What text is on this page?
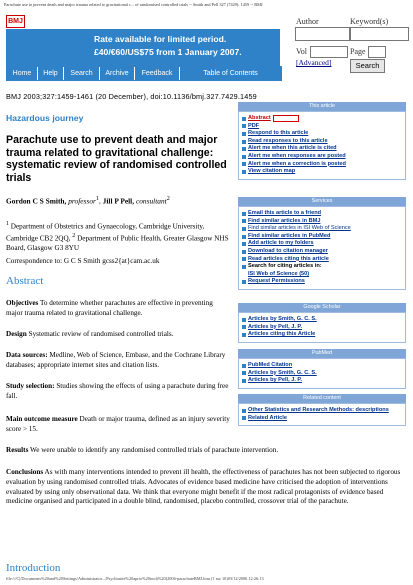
Parachute use to prevent death and major trauma related to gravitational c... of randomised controlled trials -- Smith and Pell 327 (7429): 1459 -- BMJ
BMJ
Rate available for limited period.
£40/€60/US$75 from 1 January 2007.
Home	Help	Search	Archive	Feedback	Table of Contents
Author	Keyword(s)
Vol	Page
[Advanced]	Search
BMJ 2003;327:1459-1461 (20 December), doi:10.1136/bmj.327.7429.1459
Hazardous journey
Parachute use to prevent death and major trauma related to gravitational challenge: systematic review of randomised controlled trials
Gordon C S Smith, professor$^1$, Jill P Pell, consultant$^2$
$^1$ Department of Obstetrics and Gynaecology, Cambridge University, Cambridge CB2 2QQ, $^2$ Department of Public Health, Greater Glasgow NHS Board, Glasgow G3 8YU
Correspondence to: G C S Smith gcss2{at}cam.ac.uk
Abstract
Objectives To determine whether parachutes are effective in preventing major trauma related to gravitational challenge.
Design Systematic review of randomised controlled trials.
Data sources: Medline, Web of Science, Embase, and the Cochrane Library databases; appropriate internet sites and citation lists.
Study selection: Studies showing the effects of using a parachute during free fall.
Main outcome measure Death or major trauma, defined as an injury severity score > 15.
Results We were unable to identify any randomised controlled trials of parachute intervention.
Conclusions As with many interventions intended to prevent ill health, the effectiveness of parachutes has not been subjected to rigorous evaluation by using randomised controlled trials. Advocates of evidence based medicine have criticised the adoption of interventions evaluated by using only observational data. We think that everyone might benefit if the most radical protagonists of evidence based medicine organised and participated in a double blind, randomised, placebo controlled, crossover trial of the parachute.
Introduction
file:///C|/Documents%20and%20Settings/Administrator.../Psychiatrie%20aprio%20toolt%20(2006-parachuteBMJ.htm (1 sur 10)03/12/2006 12:26:13
This article
Abstract
PDF
Respond to this article
Read responses to this article
Alert me when this article is cited
Alert me when responses are posted
Alert me when a correction is posted
View citation map
Services
Email this article to a friend
Find similar articles in BMJ
Find similar articles in ISI Web of Science
Find similar articles in PubMed
Add article to my folders
Download to citation manager
Read articles citing this article
Search for citing articles in:
ISI Web of Science (50)
Request Permissions
Google Scholar
Articles by Smith, G. C. S.
Articles by Pell, J. P.
Articles citing this Article
PubMed
PubMed Citation
Articles by Smith, G. C. S.
Articles by Pell, J. P.
Related content
Other Statistics and Research Methods: descriptions
Related Article
